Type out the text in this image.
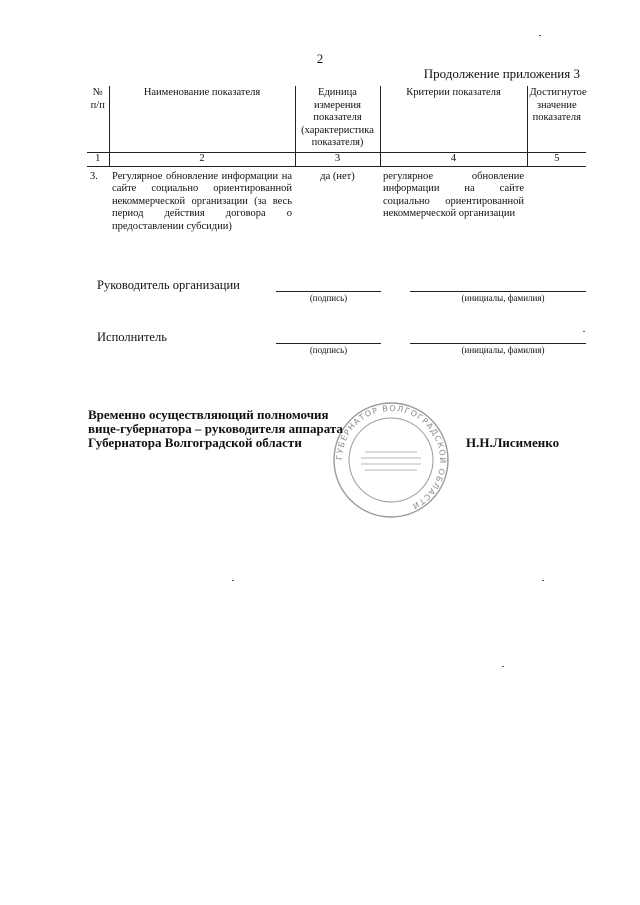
2
Продолжение приложения 3
№ п/п	Наименование показателя	Единица измерения показателя (характеристика показателя)	Критерии показателя	Достигнутое значение показателя
1	2	3	4	5
3.	Регулярное обновление информации на сайте социально ориентированной некоммерческой организации (за весь период действия договора о предоставлении субсидии)	да (нет)	регулярное обновление информации на сайте социально ориентированной некоммерческой организации	
Руководитель организации
(подпись)	(инициалы, фамилия)
Исполнитель
(подпись)	(инициалы, фамилия)
ГУБЕРНАТОР ВОЛГОГРАДСКОЙ ОБЛАСТИ
Временно осуществляющий полномочия
вице-губернатора – руководителя аппарата
Губернатора Волгоградской области	Н.Н.Лисименко
